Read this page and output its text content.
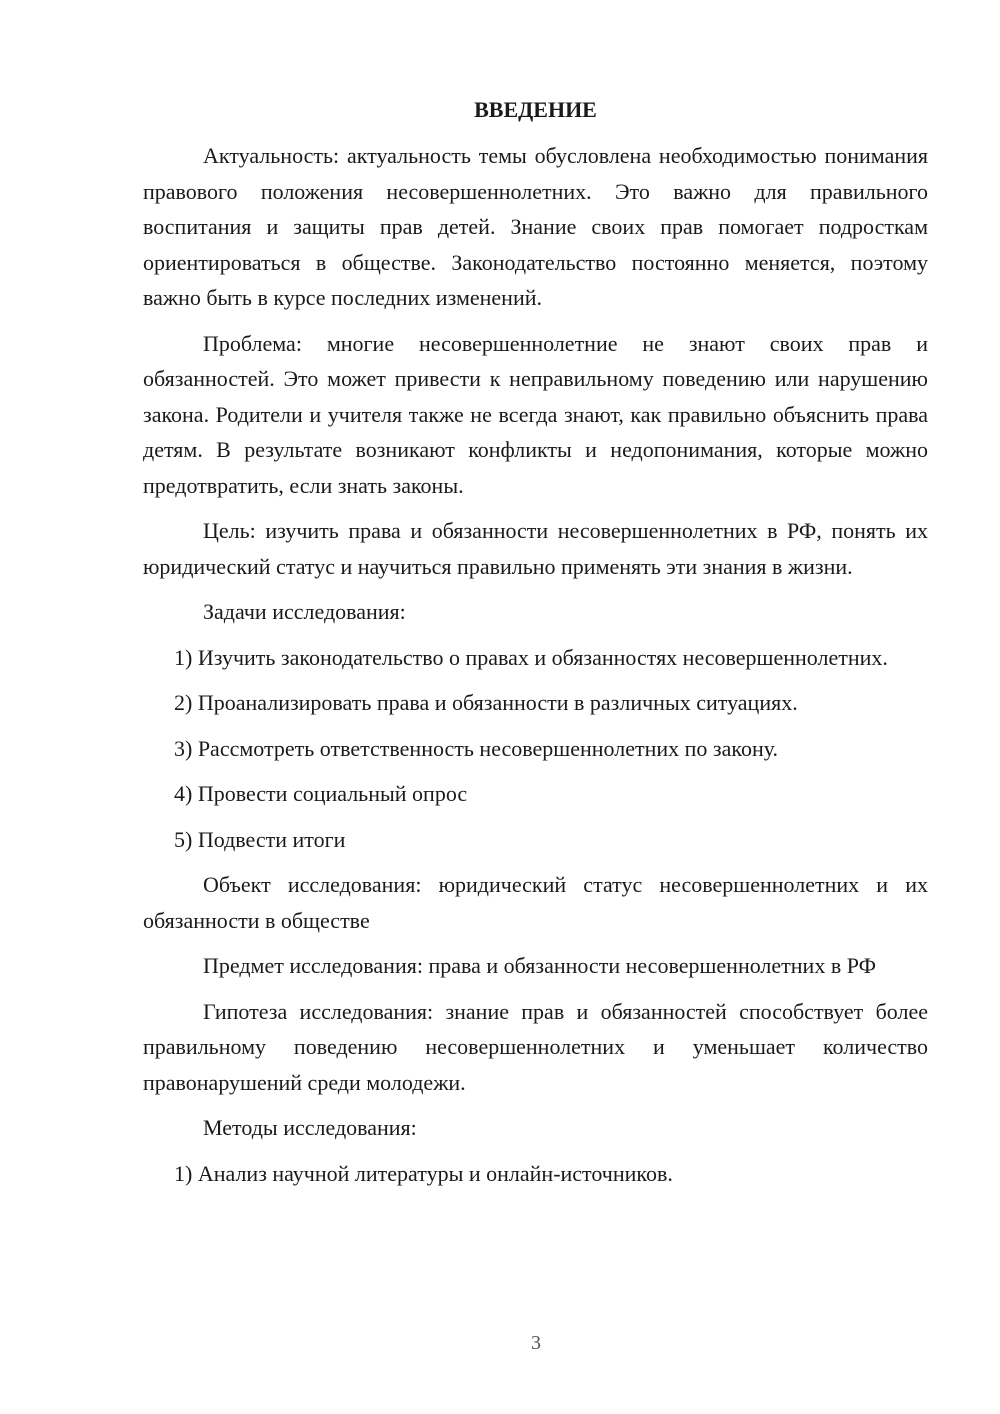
ВВЕДЕНИЕ

Актуальность: актуальность темы обусловлена необходимостью понимания правового положения несовершеннолетних. Это важно для правильного воспитания и защиты прав детей. Знание своих прав помогает подросткам ориентироваться в обществе. Законодательство постоянно меняется, поэтому важно быть в курсе последних изменений.

Проблема: многие несовершеннолетние не знают своих прав и обязанностей. Это может привести к неправильному поведению или нарушению закона. Родители и учителя также не всегда знают, как правильно объяснить права детям. В результате возникают конфликты и недопонимания, которые можно предотвратить, если знать законы.

Цель: изучить права и обязанности несовершеннолетних в РФ, понять их юридический статус и научиться правильно применять эти знания в жизни.

Задачи исследования:

1) Изучить законодательство о правах и обязанностях несовершеннолетних.

2) Проанализировать права и обязанности в различных ситуациях.

3) Рассмотреть ответственность несовершеннолетних по закону.

4) Провести социальный опрос

5) Подвести итоги

Объект исследования: юридический статус несовершеннолетних и их обязанности в обществе

Предмет исследования: права и обязанности несовершеннолетних в РФ

Гипотеза исследования: знание прав и обязанностей способствует более правильному поведению несовершеннолетних и уменьшает количество правонарушений среди молодежи.

Методы исследования:

1) Анализ научной литературы и онлайн-источников.

3
